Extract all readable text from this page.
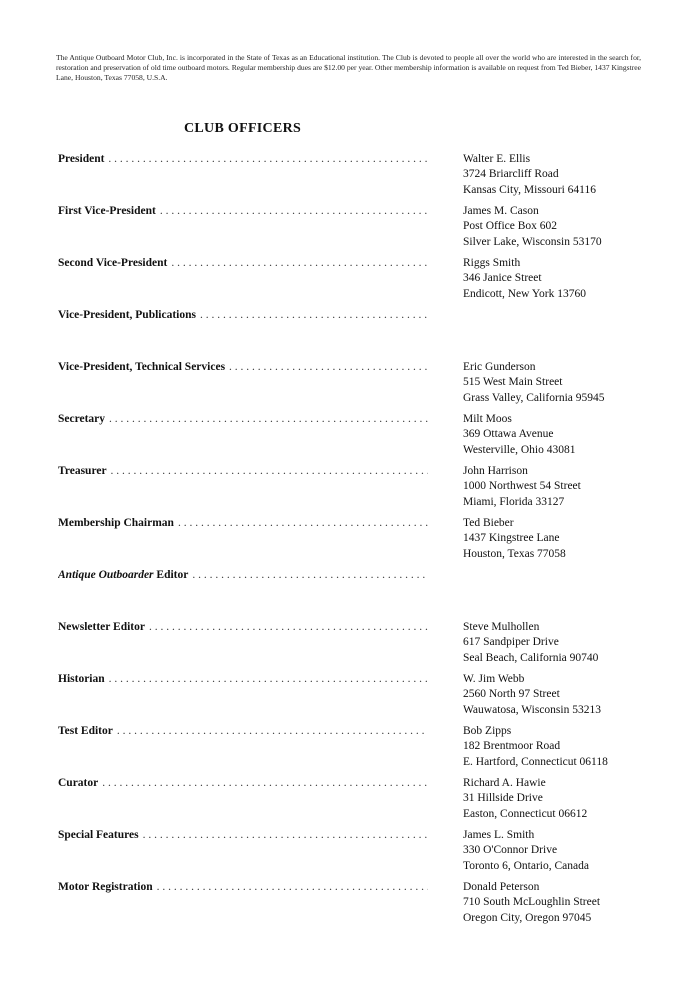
The Antique Outboard Motor Club, Inc. is incorporated in the State of Texas as an Educational institution. The Club is devoted to people all over the world who are interested in the search for, restoration and preservation of old time outboard motors. Regular membership dues are $12.00 per year. Other membership information is available on request from Ted Bieber, 1437 Kingstree Lane, Houston, Texas 77058, U.S.A.
CLUB OFFICERS
President . . .	Walter E. Ellis
3724 Briarcliff Road
Kansas City, Missouri 64116
First Vice-President . . .	James M. Cason
Post Office Box 602
Silver Lake, Wisconsin 53170
Second Vice-President . . .	Riggs Smith
346 Janice Street
Endicott, New York 13760
Vice-President, Publications
. . .
Vice-President, Technical Services . . .	Eric Gunderson
515 West Main Street
Grass Valley, California 95945
Secretary . . .	Milt Moos
369 Ottawa Avenue
Westerville, Ohio 43081
Treasurer . . .	John Harrison
1000 Northwest 54 Street
Miami, Florida 33127
Membership Chairman . . .	Ted Bieber
1437 Kingstree Lane
Houston, Texas 77058
Antique Outboarder Editor
. . .
Newsletter Editor . . .	Steve Mulhollen
617 Sandpiper Drive
Seal Beach, California 90740
Historian . . .	W. Jim Webb
2560 North 97 Street
Wauwatosa, Wisconsin 53213
Test Editor . . .	Bob Zipps
182 Brentmoor Road
E. Hartford, Connecticut 06118
Curator . . .	Richard A. Hawie
31 Hillside Drive
Easton, Connecticut 06612
Special Features . . .	James L. Smith
330 O'Connor Drive
Toronto 6, Ontario, Canada
Motor Registration . . .	Donald Peterson
710 South McLoughlin Street
Oregon City, Oregon 97045
